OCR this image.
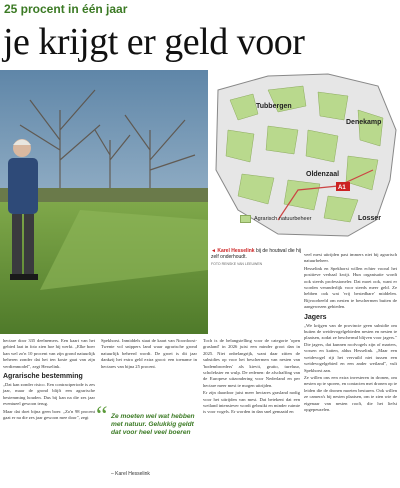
25 procent in één jaar
je krijgt er geld voor
Tubbergen
Denekamp
Oldenzaal
Losser
A1
Agrarisch natuurbeheer
◄ Karel Hesselink bij de houtwal die hij zelf onderhoudt.
FOTO RENSKE VAN LEEUWEN

hectare door 335 deelnemers. Een kaart van het gebied laat in foto zien hoe hij werkt. „Elke boer kan wel zo'n 10 procent van zijn grond natuurlijk beheren zonder dat het ten koste gaat van zijn verdienmodel", zegt Hesselink.

Agrarische bestemming

„Dat kan zonder risico. Een contractperiode is zes jaar, maar de grond blijft een agrarische bestemming houden. Dus bij kan na die zes jaar eventueel gewoon terug.

Maar dat doet bijna geen boer. „Zo'n 98 procent gaat er na die zes jaar gewoon mee door", zegt

Spekhorst. Inmiddels staat de kaart van Noordoost-Twente vol snippers land waar agrarische grond natuurlijk beheerd wordt. De groei is dit jaar dankzij het extra geld extra groot: een toename in hectares van bijna 25 procent.

“ Ze moeten wel wat hebben met natuur. Gelukkig geldt dat voor heel veel boeren
– Karel Hesselink

Toch is de belangstelling voor de categorie 'open grasland' in 2026 juist een minder groot dan in 2025. Niet onbelangrijk, want daar zitten de subsidies op voor het beschermen van nesten van 'bodembroeders' als kievit, grutto, tureluur, scholekster en wulp. De redenen: de afschaffing van de Europese uitzondering voor Nederland en per hectare meer mest te mogen uitrijden.

Er zijn daardoor juist meer hectares grasland nodig voor het uitrijden van mest. Dat betekent dat een weiland intensiever wordt gebruikt en minder ruimte is voor vogels. Er worden in dan snel gemaaid en

veel mest uitrijden past immers niet bij agrarisch natuurbeheer.

Hesselink en Spekhorst willen echter vooral het positieve verhaal kwijt. Hun organisatie wordt ook steeds professioneler. Dat moet ook, want er worden veranderlijk voor steeds meer geld. Ze hebben ook wat 'vrij bestedbare' middelen. Bijvoorbeeld om nesten te beschermen buiten de aangewezen gebieden.

Jagers

„We krijgen van de provincie geen subsidie om buiten de weidevogelgebieden nesten en nesten te plaatsen, zodat ze beschermd blijven voor jagers." Die jagers, dat kunnen roofvogels zijn of marters, vossen en katten, aldus Hesselink. „Maar een weidevogel rijt het vervuild niet tussen een weidevogelgebied en een ander weiland", vult Spekhorst aan.

Ze willen ons een extra investeren in dronen, om nesten op te sporen, en contacten met dronen op te leiden die de dronen moeten besturen. Ook willen ze camera's bij nesten plaatsen, om te zien wie de eigenaar van nesten rooft, die het liefst opgepeuzelen.
